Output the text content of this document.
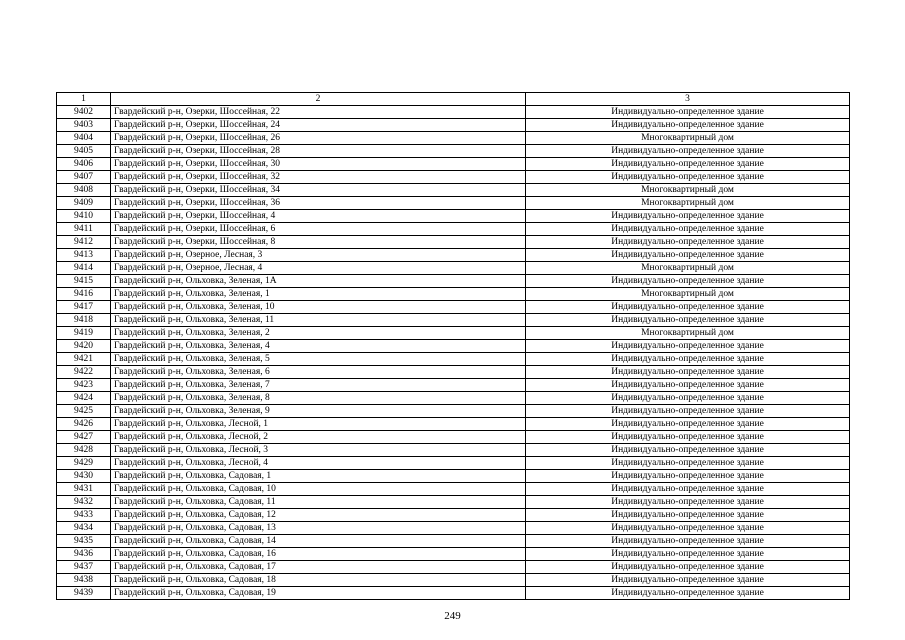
1	2	3
9402	Гвардейский р-н, Озерки, Шоссейная, 22	Индивидуально-определенное здание
9403	Гвардейский р-н, Озерки, Шоссейная, 24	Индивидуально-определенное здание
9404	Гвардейский р-н, Озерки, Шоссейная, 26	Многоквартирный дом
9405	Гвардейский р-н, Озерки, Шоссейная, 28	Индивидуально-определенное здание
9406	Гвардейский р-н, Озерки, Шоссейная, 30	Индивидуально-определенное здание
9407	Гвардейский р-н, Озерки, Шоссейная, 32	Индивидуально-определенное здание
9408	Гвардейский р-н, Озерки, Шоссейная, 34	Многоквартирный дом
9409	Гвардейский р-н, Озерки, Шоссейная, 36	Многоквартирный дом
9410	Гвардейский р-н, Озерки, Шоссейная, 4	Индивидуально-определенное здание
9411	Гвардейский р-н, Озерки, Шоссейная, 6	Индивидуально-определенное здание
9412	Гвардейский р-н, Озерки, Шоссейная, 8	Индивидуально-определенное здание
9413	Гвардейский р-н, Озерное, Лесная, 3	Индивидуально-определенное здание
9414	Гвардейский р-н, Озерное, Лесная, 4	Многоквартирный дом
9415	Гвардейский р-н, Ольховка, Зеленая, 1А	Индивидуально-определенное здание
9416	Гвардейский р-н, Ольховка, Зеленая, 1	Многоквартирный дом
9417	Гвардейский р-н, Ольховка, Зеленая, 10	Индивидуально-определенное здание
9418	Гвардейский р-н, Ольховка, Зеленая, 11	Индивидуально-определенное здание
9419	Гвардейский р-н, Ольховка, Зеленая, 2	Многоквартирный дом
9420	Гвардейский р-н, Ольховка, Зеленая, 4	Индивидуально-определенное здание
9421	Гвардейский р-н, Ольховка, Зеленая, 5	Индивидуально-определенное здание
9422	Гвардейский р-н, Ольховка, Зеленая, 6	Индивидуально-определенное здание
9423	Гвардейский р-н, Ольховка, Зеленая, 7	Индивидуально-определенное здание
9424	Гвардейский р-н, Ольховка, Зеленая, 8	Индивидуально-определенное здание
9425	Гвардейский р-н, Ольховка, Зеленая, 9	Индивидуально-определенное здание
9426	Гвардейский р-н, Ольховка, Лесной, 1	Индивидуально-определенное здание
9427	Гвардейский р-н, Ольховка, Лесной, 2	Индивидуально-определенное здание
9428	Гвардейский р-н, Ольховка, Лесной, 3	Индивидуально-определенное здание
9429	Гвардейский р-н, Ольховка, Лесной, 4	Индивидуально-определенное здание
9430	Гвардейский р-н, Ольховка, Садовая, 1	Индивидуально-определенное здание
9431	Гвардейский р-н, Ольховка, Садовая, 10	Индивидуально-определенное здание
9432	Гвардейский р-н, Ольховка, Садовая, 11	Индивидуально-определенное здание
9433	Гвардейский р-н, Ольховка, Садовая, 12	Индивидуально-определенное здание
9434	Гвардейский р-н, Ольховка, Садовая, 13	Индивидуально-определенное здание
9435	Гвардейский р-н, Ольховка, Садовая, 14	Индивидуально-определенное здание
9436	Гвардейский р-н, Ольховка, Садовая, 16	Индивидуально-определенное здание
9437	Гвардейский р-н, Ольховка, Садовая, 17	Индивидуально-определенное здание
9438	Гвардейский р-н, Ольховка, Садовая, 18	Индивидуально-определенное здание
9439	Гвардейский р-н, Ольховка, Садовая, 19	Индивидуально-определенное здание
249
